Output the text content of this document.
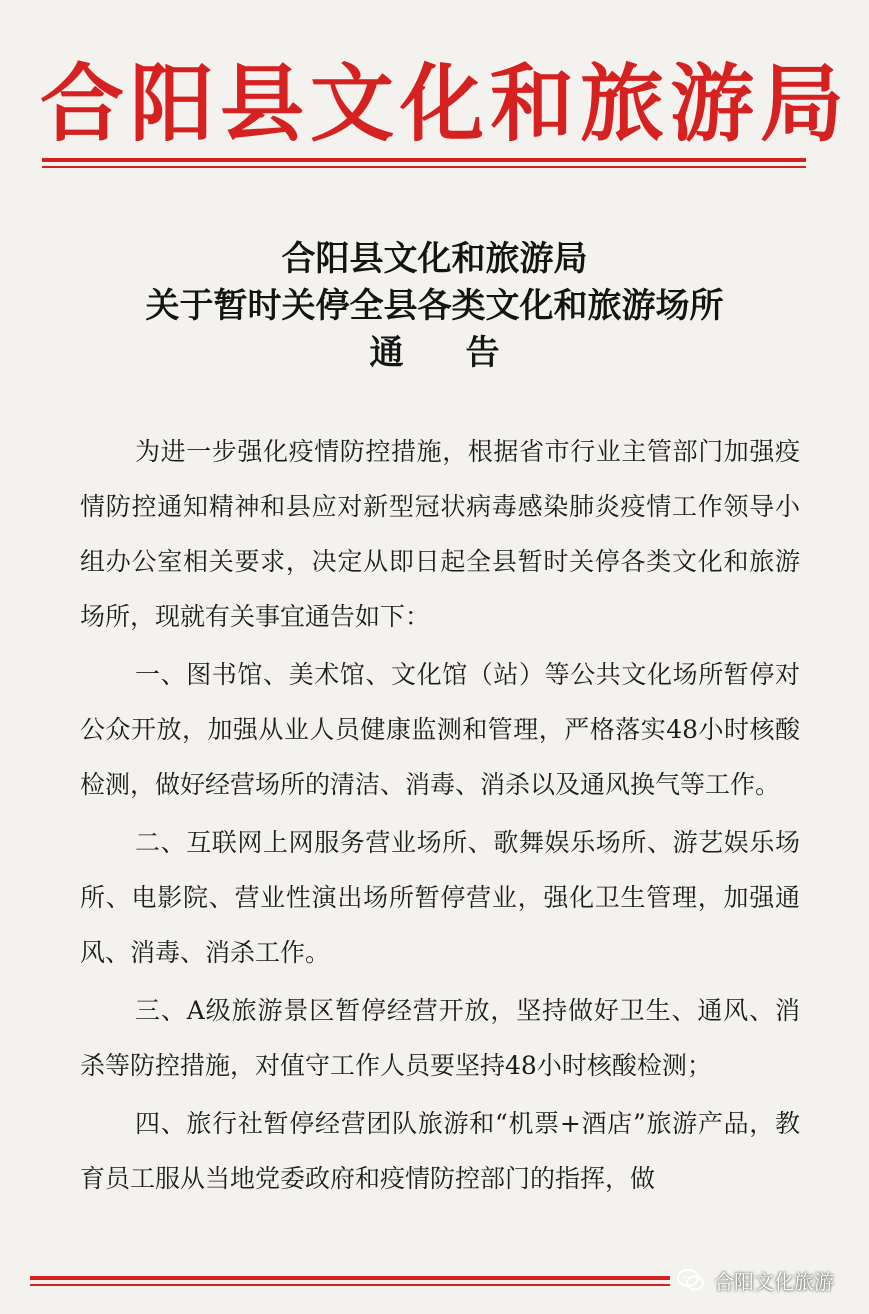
合阳县文化和旅游局
合阳县文化和旅游局
关于暂时关停全县各类文化和旅游场所
通告

为进一步强化疫情防控措施，根据省市行业主管部门加强疫情防控通知精神和县应对新型冠状病毒感染肺炎疫情工作领导小组办公室相关要求，决定从即日起全县暂时关停各类文化和旅游场所，现就有关事宜通告如下：

一、图书馆、美术馆、文化馆（站）等公共文化场所暂停对公众开放，加强从业人员健康监测和管理，严格落实48小时核酸检测，做好经营场所的清洁、消毒、消杀以及通风换气等工作。

二、互联网上网服务营业场所、歌舞娱乐场所、游艺娱乐场所、电影院、营业性演出场所暂停营业，强化卫生管理，加强通风、消毒、消杀工作。

三、A级旅游景区暂停经营开放，坚持做好卫生、通风、消杀等防控措施，对值守工作人员要坚持48小时核酸检测；

四、旅行社暂停经营团队旅游和“机票+酒店”旅游产品，教育员工服从当地党委政府和疫情防控部门的指挥，做

合阳文化旅游
